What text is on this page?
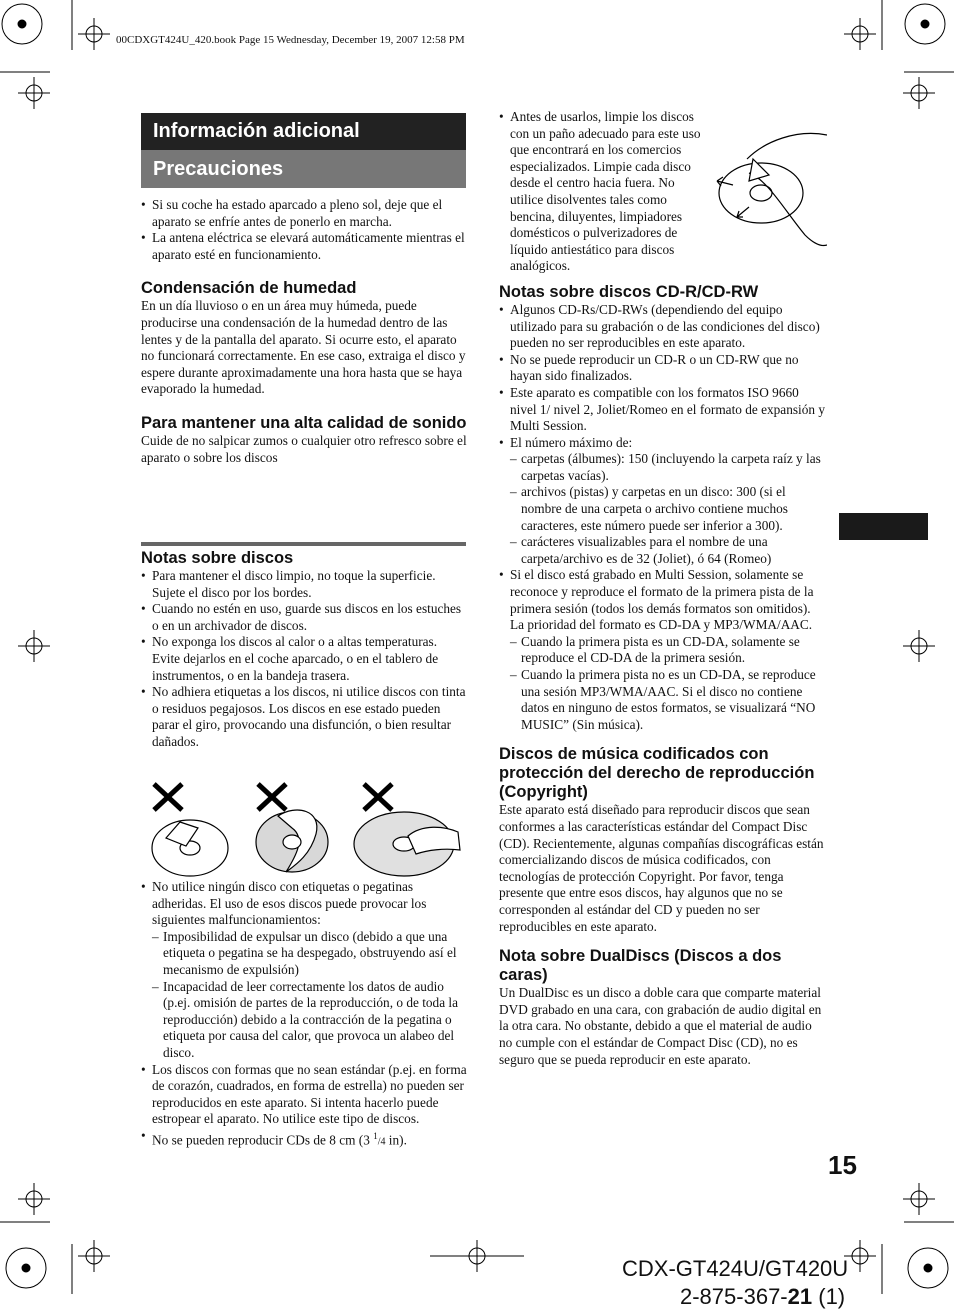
00CDXGT424U_420.book Page 15 Wednesday, December 19, 2007 12:58 PM
Información adicional
Precauciones
• Si su coche ha estado aparcado a pleno sol, deje que el aparato se enfríe antes de ponerlo en marcha.
• La antena eléctrica se elevará automáticamente mientras el aparato esté en funcionamiento.
Condensación de humedad

En un día lluvioso o en un área muy húmeda, puede producirse una condensación de la humedad dentro de las lentes y de la pantalla del aparato. Si ocurre esto, el aparato no funcionará correctamente. En ese caso, extraiga el disco y espere durante aproximadamente una hora hasta que se haya evaporado la humedad.

Para mantener una alta calidad de sonido

Cuide de no salpicar zumos o cualquier otro refresco sobre el aparato o sobre los discos

Notas sobre discos
• Para mantener el disco limpio, no toque la superficie. Sujete el disco por los bordes.
• Cuando no estén en uso, guarde sus discos en los estuches o en un archivador de discos.
• No exponga los discos al calor o a altas temperaturas. Evite dejarlos en el coche aparcado, o en el tablero de instrumentos, o en la bandeja trasera.
• No adhiera etiquetas a los discos, ni utilice discos con tinta o residuos pegajosos. Los discos en ese estado pueden parar el giro, provocando una disfunción, o bien resultar dañados.
• No utilice ningún disco con etiquetas o pegatinas adheridas. El uso de esos discos puede provocar los siguientes malfuncionamientos:
– Imposibilidad de expulsar un disco (debido a que una etiqueta o pegatina se ha despegado, obstruyendo así el mecanismo de expulsión)
– Incapacidad de leer correctamente los datos de audio (p.ej. omisión de partes de la reproducción, o de toda la reproducción) debido a la contracción de la pegatina o etiqueta por causa del calor, que provoca un alabeo del disco.
• Los discos con formas que no sean estándar (p.ej. en forma de corazón, cuadrados, en forma de estrella) no pueden ser reproducidos en este aparato. Si intenta hacerlo puede estropear el aparato. No utilice este tipo de discos.
• No se pueden reproducir CDs de 8 cm (3 $^1$/4 in).
• Antes de usarlos, limpie los discos con un paño adecuado para este uso que encontrará en los comercios especializados. Limpie cada disco desde el centro hacia fuera. No utilice disolventes tales como bencina, diluyentes, limpiadores domésticos o pulverizadores de líquido antiestático para discos analógicos.
Notas sobre discos CD-R/CD-RW
• Algunos CD-Rs/CD-RWs (dependiendo del equipo utilizado para su grabación o de las condiciones del disco) pueden no ser reproducibles en este aparato.
• No se puede reproducir un CD-R o un CD-RW que no hayan sido finalizados.
• Este aparato es compatible con los formatos ISO 9660 nivel 1/ nivel 2, Joliet/Romeo en el formato de expansión y Multi Session.
• El número máximo de:
– carpetas (álbumes): 150 (incluyendo la carpeta raíz y las carpetas vacías).
– archivos (pistas) y carpetas en un disco: 300 (si el nombre de una carpeta o archivo contiene muchos caracteres, este número puede ser inferior a 300).
– carácteres visualizables para el nombre de una carpeta/archivo es de 32 (Joliet), ó 64 (Romeo)
• Si el disco está grabado en Multi Session, solamente se reconoce y reproduce el formato de la primera pista de la primera sesión (todos los demás formatos son omitidos). La prioridad del formato es CD-DA y MP3/WMA/AAC.
– Cuando la primera pista es un CD-DA, solamente se reproduce el CD-DA de la primera sesión.
– Cuando la primera pista no es un CD-DA, se reproduce una sesión MP3/WMA/AAC. Si el disco no contiene datos en ninguno de estos formatos, se visualizará “NO MUSIC” (Sin música).
Discos de música codificados con protección del derecho de reproducción (Copyright)

Este aparato está diseñado para reproducir discos que sean conformes a las características estándar del Compact Disc (CD). Recientemente, algunas compañías discográficas están comercializando discos de música codificados, con tecnologías de protección Copyright. Por favor, tenga presente que entre esos discos, hay algunos que no se corresponden al estándar del CD y pueden no ser reproducibles en este aparato.

Nota sobre DualDiscs (Discos a dos caras)

Un DualDisc es un disco a doble cara que comparte material DVD grabado en una cara, con grabación de audio digital en la otra cara. No obstante, debido a que el material de audio no cumple con el estándar de Compact Disc (CD), no es seguro que se pueda reproducir en este aparato.

15
CDX-GT424U/GT420U
2-875-367-21 (1)
